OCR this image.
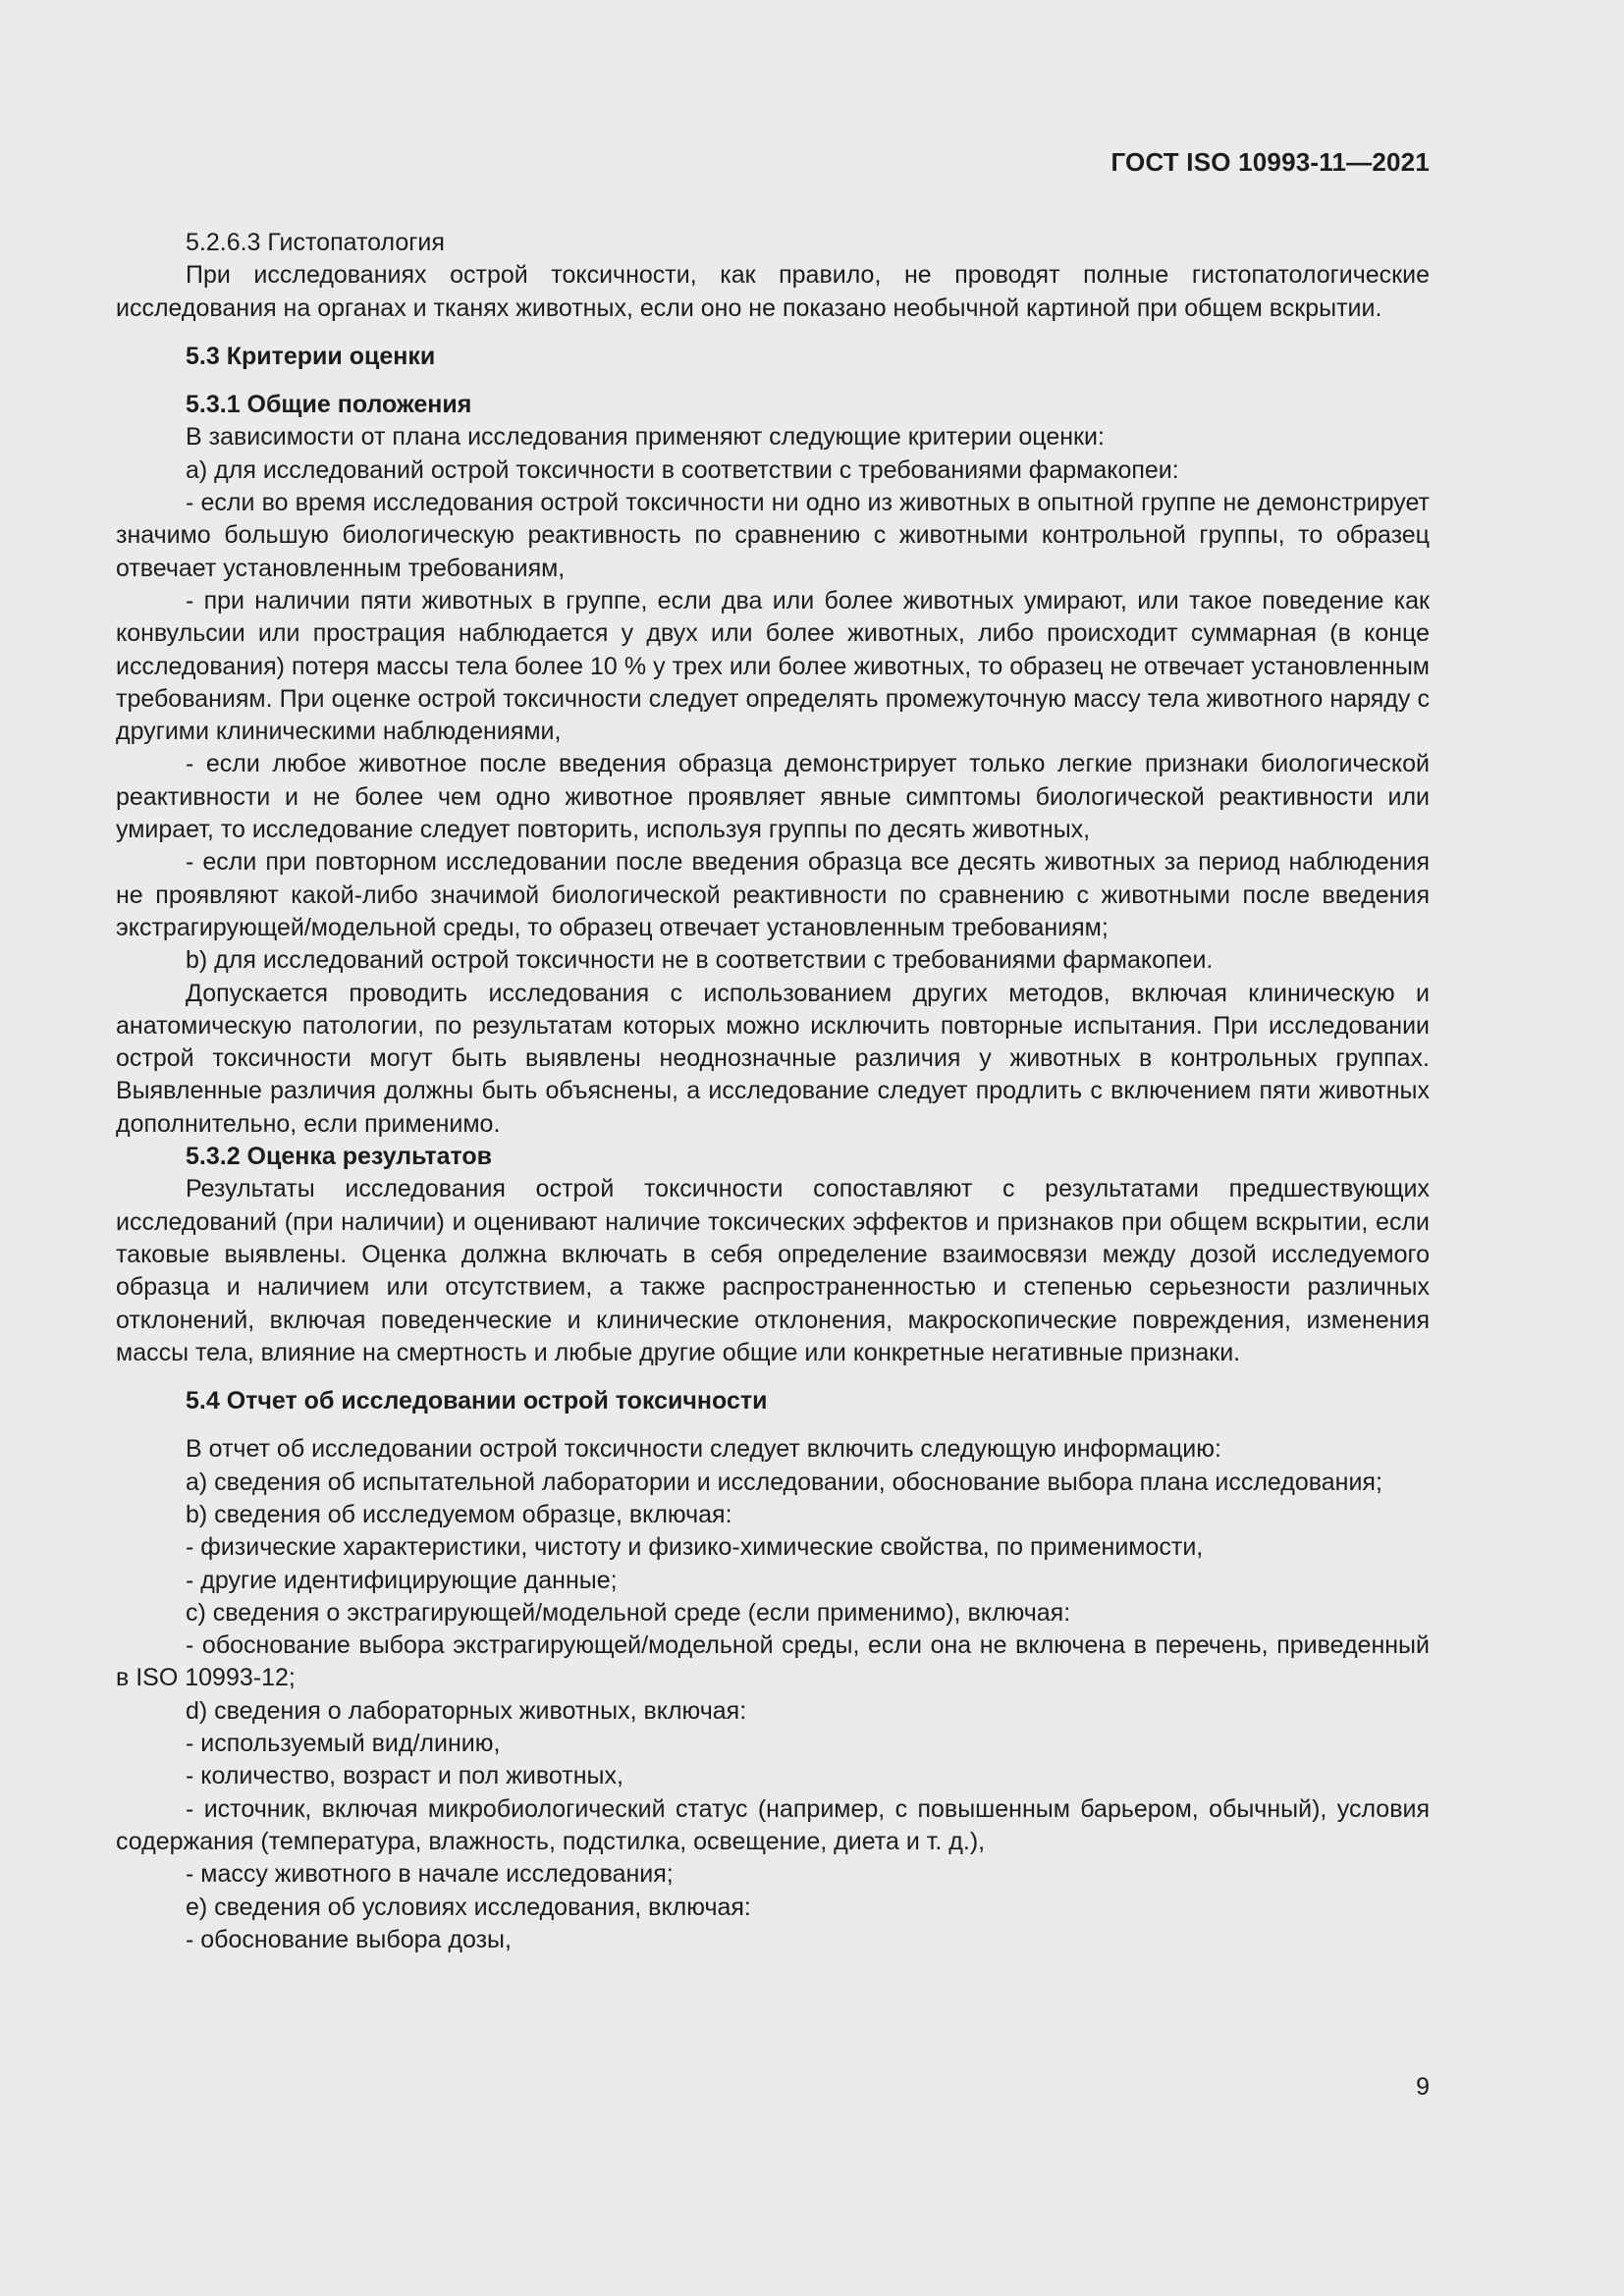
ГОСТ ISO 10993-11—2021

5.2.6.3 Гистопатология

При исследованиях острой токсичности, как правило, не проводят полные гистопатологические исследования на органах и тканях животных, если оно не показано необычной картиной при общем вскрытии.

5.3 Критерии оценки

5.3.1 Общие положения

В зависимости от плана исследования применяют следующие критерии оценки:

a) для исследований острой токсичности в соответствии с требованиями фармакопеи:

- если во время исследования острой токсичности ни одно из животных в опытной группе не демонстрирует значимо большую биологическую реактивность по сравнению с животными контрольной группы, то образец отвечает установленным требованиям,

- при наличии пяти животных в группе, если два или более животных умирают, или такое поведение как конвульсии или прострация наблюдается у двух или более животных, либо происходит суммарная (в конце исследования) потеря массы тела более 10 % у трех или более животных, то образец не отвечает установленным требованиям. При оценке острой токсичности следует определять промежуточную массу тела животного наряду с другими клиническими наблюдениями,

- если любое животное после введения образца демонстрирует только легкие признаки биологической реактивности и не более чем одно животное проявляет явные симптомы биологической реактивности или умирает, то исследование следует повторить, используя группы по десять животных,

- если при повторном исследовании после введения образца все десять животных за период наблюдения не проявляют какой-либо значимой биологической реактивности по сравнению с животными после введения экстрагирующей/модельной среды, то образец отвечает установленным требованиям;

b) для исследований острой токсичности не в соответствии с требованиями фармакопеи.

Допускается проводить исследования с использованием других методов, включая клиническую и анатомическую патологии, по результатам которых можно исключить повторные испытания. При исследовании острой токсичности могут быть выявлены неоднозначные различия у животных в контрольных группах. Выявленные различия должны быть объяснены, а исследование следует продлить с включением пяти животных дополнительно, если применимо.

5.3.2 Оценка результатов

Результаты исследования острой токсичности сопоставляют с результатами предшествующих исследований (при наличии) и оценивают наличие токсических эффектов и признаков при общем вскрытии, если таковые выявлены. Оценка должна включать в себя определение взаимосвязи между дозой исследуемого образца и наличием или отсутствием, а также распространенностью и степенью серьезности различных отклонений, включая поведенческие и клинические отклонения, макроскопические повреждения, изменения массы тела, влияние на смертность и любые другие общие или конкретные негативные признаки.

5.4 Отчет об исследовании острой токсичности

В отчет об исследовании острой токсичности следует включить следующую информацию:

a) сведения об испытательной лаборатории и исследовании, обоснование выбора плана исследования;

b) сведения об исследуемом образце, включая:

- физические характеристики, чистоту и физико-химические свойства, по применимости,

- другие идентифицирующие данные;

c) сведения о экстрагирующей/модельной среде (если применимо), включая:

- обоснование выбора экстрагирующей/модельной среды, если она не включена в перечень, приведенный в ISO 10993-12;

d) сведения о лабораторных животных, включая:

- используемый вид/линию,

- количество, возраст и пол животных,

- источник, включая микробиологический статус (например, с повышенным барьером, обычный), условия содержания (температура, влажность, подстилка, освещение, диета и т. д.),

- массу животного в начале исследования;

e) сведения об условиях исследования, включая:

- обоснование выбора дозы,

9
